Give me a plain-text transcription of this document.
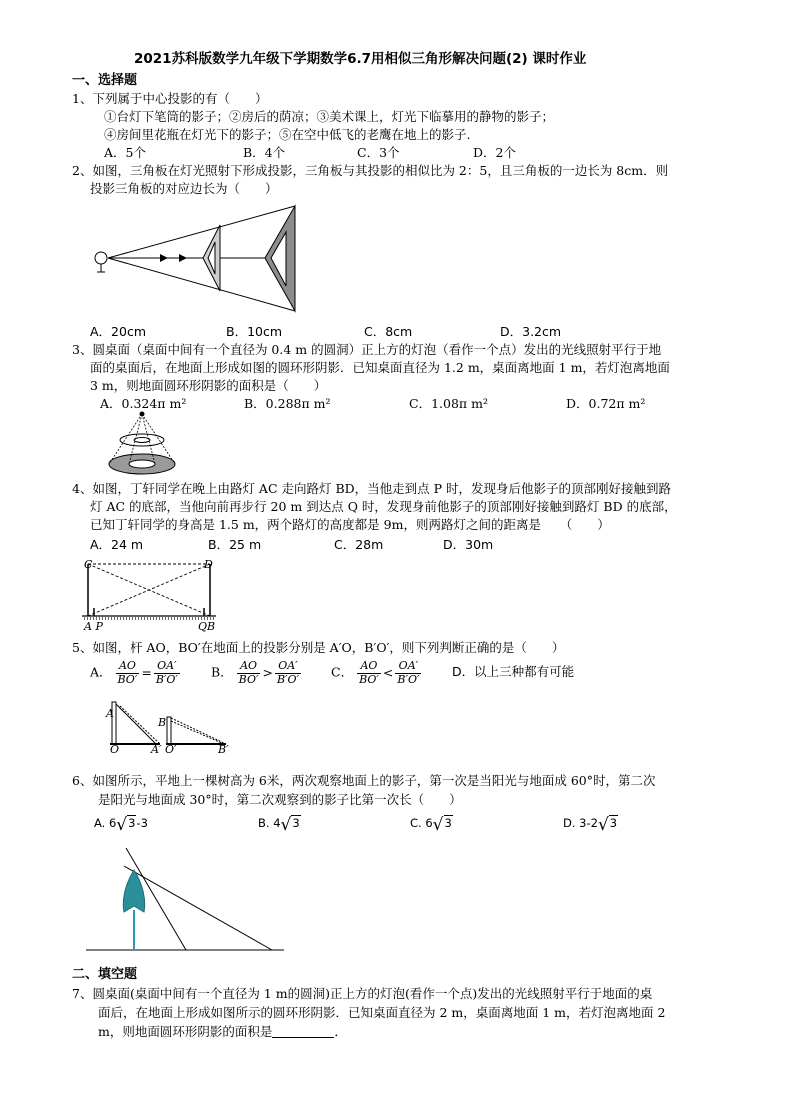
2021苏科版数学九年级下学期数学6.7用相似三角形解决问题(2) 课时作业
一、选择题
1、下列属于中心投影的有（　　）
①台灯下笔筒的影子；②房后的荫凉；③美术课上，灯光下临摹用的静物的影子；
④房间里花瓶在灯光下的影子；⑤在空中低飞的老鹰在地上的影子.
A．5个	B．4个	C．3个	D．2个
2、如图，三角板在灯光照射下形成投影，三角板与其投影的相似比为 2：5，且三角板的一边长为 8cm．则
投影三角板的对应边长为（　　）
A．20cm	B．10cm	C．8cm	D．3.2cm
3、圆桌面（桌面中间有一个直径为 0.4 m 的圆洞）正上方的灯泡（看作一个点）发出的光线照射平行于地
面的桌面后，在地面上形成如图的圆环形阴影．已知桌面直径为 1.2 m，桌面离地面 1 m，若灯泡离地面
3 m，则地面圆环形阴影的面积是（　　）
A．0.324π m²	B．0.288π m²	C．1.08π m²	D．0.72π m²
4、如图，丁轩同学在晚上由路灯 AC 走向路灯 BD，当他走到点 P 时，发现身后他影子的顶部刚好接触到路
灯 AC 的底部，当他向前再步行 20 m 到达点 Q 时，发现身前他影子的顶部刚好接触到路灯 BD 的底部，
已知丁轩同学的身高是 1.5 m，两个路灯的高度都是 9m，则两路灯之间的距离是　　（　　）
A．24 m	B．25 m	C．28m	D．30m
C	D
A P	QB
5、如图，杆 AO，BO′在地面上的投影分别是 A′O，B′O′，则下列判断正确的是（　　）
A． $\frac{AO}{BO'} = \frac{OA'}{B'O'}$ B． $\frac{AO}{BO'} > \frac{OA'}{B'O'}$ C． $\frac{AO}{BO'} < \frac{OA'}{B'O'}$ D．以上三种都有可能
A
B
O	A′ O′	B′
6、如图所示，平地上一棵树高为 6米，两次观察地面上的影子，第一次是当阳光与地面成 60°时，第二次
是阳光与地面成 30°时，第二次观察到的影子比第一次长（　　）
A. 6√3-3	B. 4√3	C. 6√3	D. 3-2√3
二、填空题
7、圆桌面(桌面中间有一个直径为 1 m的圆洞)正上方的灯泡(看作一个点)发出的光线照射平行于地面的桌
面后，在地面上形成如图所示的圆环形阴影．已知桌面直径为 2 m，桌面离地面 1 m，若灯泡离地面 2
m，则地面圆环形阴影的面积是	．
